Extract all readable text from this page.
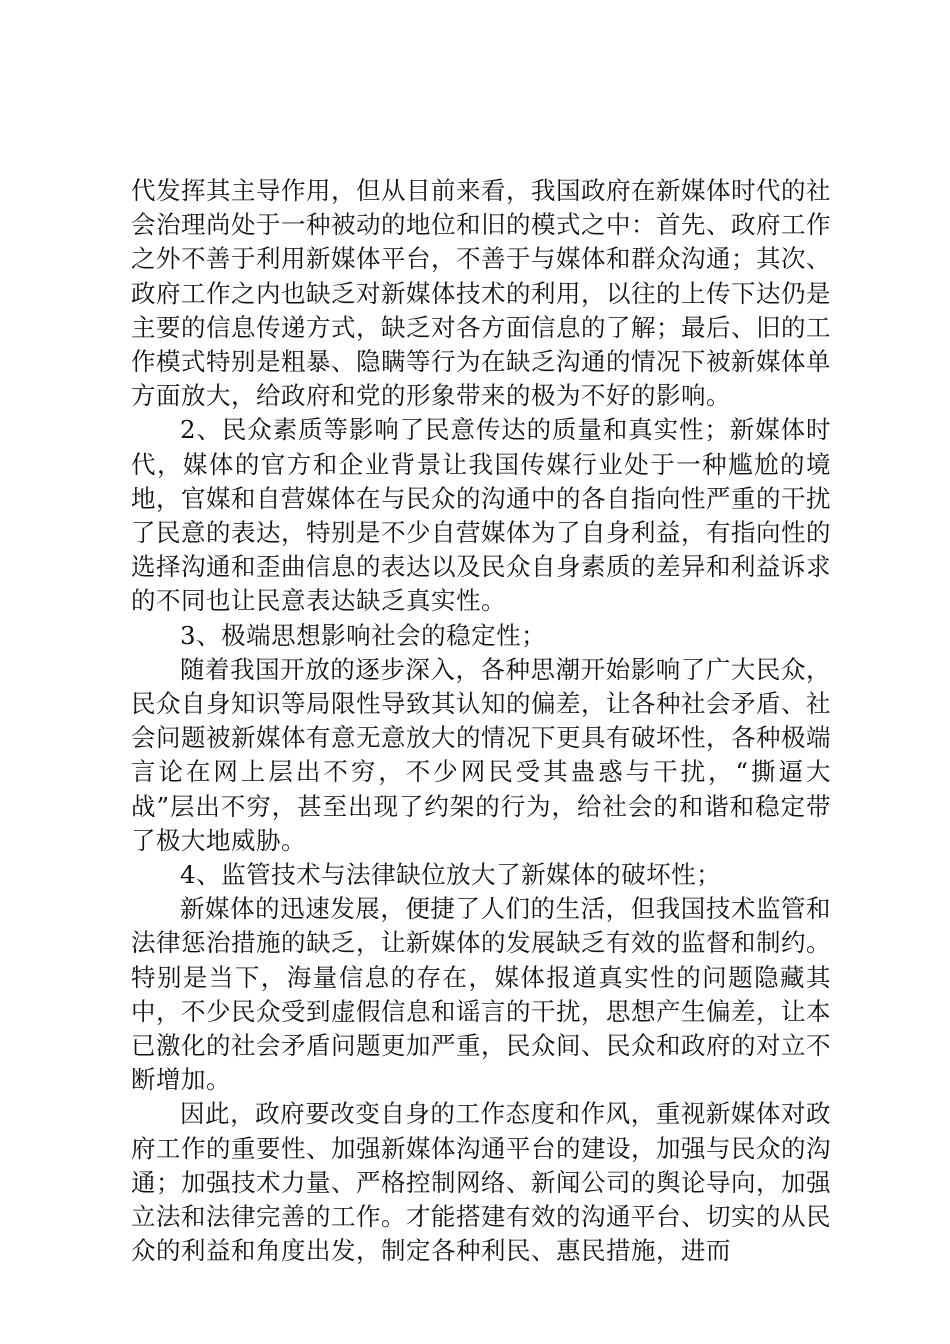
代发挥其主导作用，但从目前来看，我国政府在新媒体时代的社会治理尚处于一种被动的地位和旧的模式之中：首先、政府工作之外不善于利用新媒体平台，不善于与媒体和群众沟通；其次、政府工作之内也缺乏对新媒体技术的利用，以往的上传下达仍是主要的信息传递方式，缺乏对各方面信息的了解；最后、旧的工作模式特别是粗暴、隐瞒等行为在缺乏沟通的情况下被新媒体单方面放大，给政府和党的形象带来的极为不好的影响。

2、民众素质等影响了民意传达的质量和真实性；新媒体时代，媒体的官方和企业背景让我国传媒行业处于一种尴尬的境地，官媒和自营媒体在与民众的沟通中的各自指向性严重的干扰了民意的表达，特别是不少自营媒体为了自身利益，有指向性的选择沟通和歪曲信息的表达以及民众自身素质的差异和利益诉求的不同也让民意表达缺乏真实性。

3、极端思想影响社会的稳定性；

随着我国开放的逐步深入，各种思潮开始影响了广大民众，民众自身知识等局限性导致其认知的偏差，让各种社会矛盾、社会问题被新媒体有意无意放大的情况下更具有破坏性，各种极端言论在网上层出不穷，不少网民受其蛊惑与干扰，“撕逼大战”层出不穷，甚至出现了约架的行为，给社会的和谐和稳定带了极大地威胁。

4、监管技术与法律缺位放大了新媒体的破坏性；

新媒体的迅速发展，便捷了人们的生活，但我国技术监管和法律惩治措施的缺乏，让新媒体的发展缺乏有效的监督和制约。特别是当下，海量信息的存在，媒体报道真实性的问题隐藏其中，不少民众受到虚假信息和谣言的干扰，思想产生偏差，让本已激化的社会矛盾问题更加严重，民众间、民众和政府的对立不断增加。

因此，政府要改变自身的工作态度和作风，重视新媒体对政府工作的重要性、加强新媒体沟通平台的建设，加强与民众的沟通；加强技术力量、严格控制网络、新闻公司的舆论导向，加强立法和法律完善的工作。才能搭建有效的沟通平台、切实的从民众的利益和角度出发，制定各种利民、惠民措施，进而
